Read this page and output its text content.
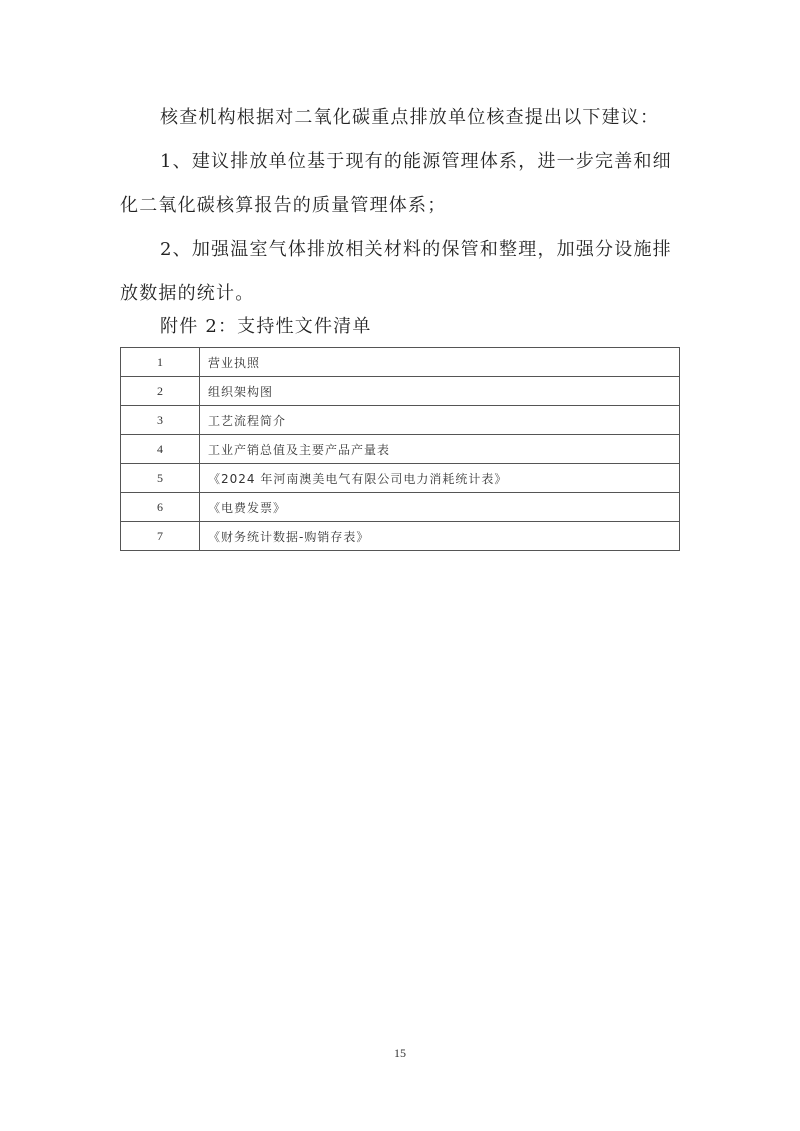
核查机构根据对二氧化碳重点排放单位核查提出以下建议：
1、建议排放单位基于现有的能源管理体系，进一步完善和细化二氧化碳核算报告的质量管理体系；
2、加强温室气体排放相关材料的保管和整理，加强分设施排放数据的统计。
附件 2：支持性文件清单
1	营业执照
2	组织架构图
3	工艺流程简介
4	工业产销总值及主要产品产量表
5	《2024 年河南澳美电气有限公司电力消耗统计表》
6	《电费发票》
7	《财务统计数据-购销存表》
15
